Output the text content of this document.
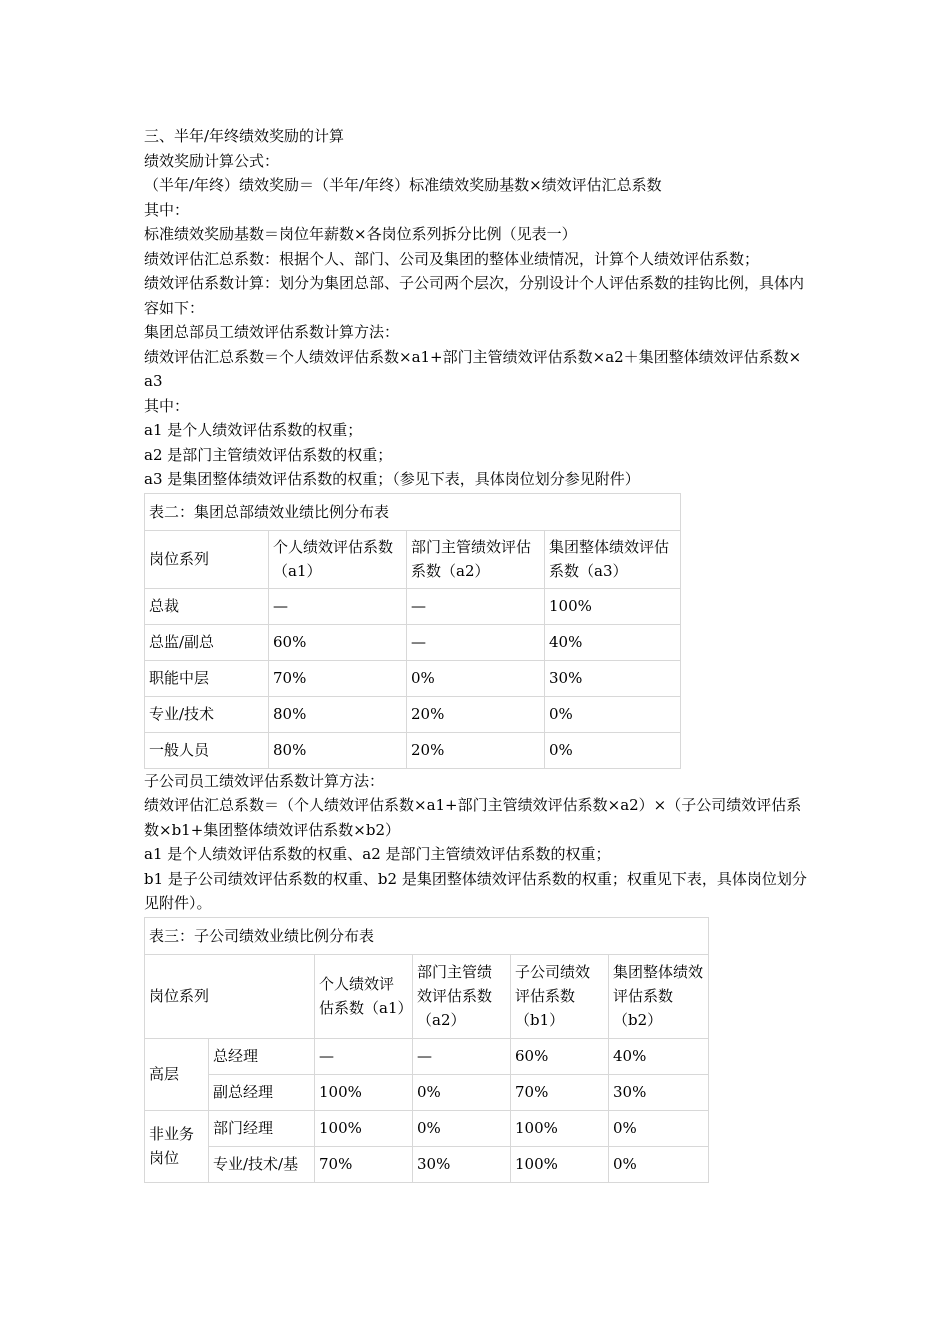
三、半年/年终绩效奖励的计算

绩效奖励计算公式：

（半年/年终）绩效奖励＝（半年/年终）标准绩效奖励基数×绩效评估汇总系数

其中：

标准绩效奖励基数＝岗位年薪数×各岗位系列拆分比例（见表一）

绩效评估汇总系数：根据个人、部门、公司及集团的整体业绩情况，计算个人绩效评估系数；

绩效评估系数计算：划分为集团总部、子公司两个层次，分别设计个人评估系数的挂钩比例，具体内容如下：

集团总部员工绩效评估系数计算方法：

绩效评估汇总系数＝个人绩效评估系数×a1+部门主管绩效评估系数×a2＋集团整体绩效评估系数×a3

其中：

a1 是个人绩效评估系数的权重；

a2 是部门主管绩效评估系数的权重；

a3 是集团整体绩效评估系数的权重；（参见下表，具体岗位划分参见附件）

表二：集团总部绩效业绩比例分布表			
岗位系列	个人绩效评估系数（a1）	部门主管绩效评估系数（a2）	集团整体绩效评估系数（a3）
总裁	—	—	100%
总监/副总	60%	—	40%
职能中层	70%	0%	30%
专业/技术	80%	20%	0%
一般人员	80%	20%	0%

子公司员工绩效评估系数计算方法：

绩效评估汇总系数＝（个人绩效评估系数×a1+部门主管绩效评估系数×a2）×（子公司绩效评估系数×b1+集团整体绩效评估系数×b2）

a1 是个人绩效评估系数的权重、a2 是部门主管绩效评估系数的权重；

b1 是子公司绩效评估系数的权重、b2 是集团整体绩效评估系数的权重；权重见下表，具体岗位划分见附件）。

表三：子公司绩效业绩比例分布表					
岗位系列		个人绩效评估系数（a1）	部门主管绩效评估系数（a2）	子公司绩效评估系数（b1）	集团整体绩效评估系数（b2）
高层	总经理	—	—	60%	40%
	副总经理	100%	0%	70%	30%
非业务岗位	部门经理	100%	0%	100%	0%
	专业/技术/基	70%	30%	100%	0%
